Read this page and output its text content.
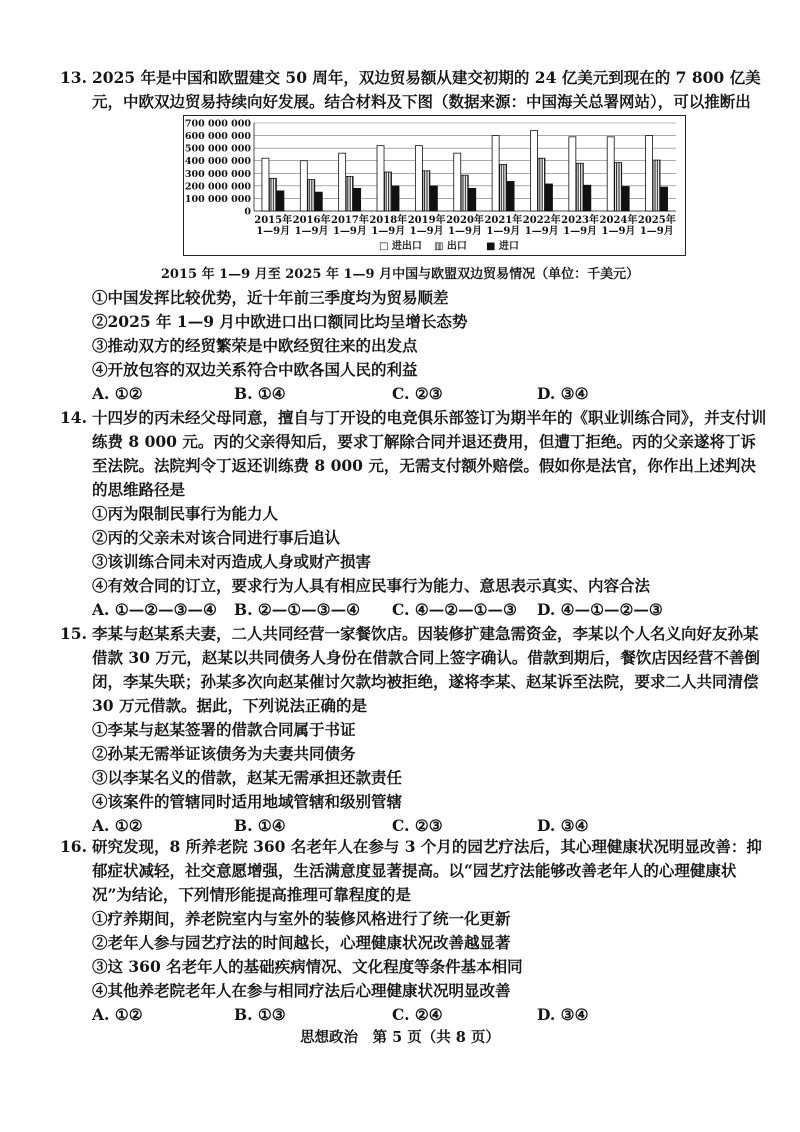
13. 2025 年是中国和欧盟建交 50 周年，双边贸易额从建交初期的 24 亿美元到现在的 7 800 亿美元，中欧双边贸易持续向好发展。结合材料及下图（数据来源：中国海关总署网站），可以推断出
700 000 000
600 000 000
500 000 000
400 000 000
300 000 000
200 000 000
100 000 000
0
2015年
1—9月
2016年
1—9月
2017年
1—9月
2018年
1—9月
2019年
1—9月
2020年
1—9月
2021年
1—9月
2022年
1—9月
2023年
1—9月
2024年
1—9月
2025年
1—9月
□ 进出口 ▥ 出口 ■ 进口
2015 年 1—9 月至 2025 年 1—9 月中国与欧盟双边贸易情况（单位：千美元）

①中国发挥比较优势，近十年前三季度均为贸易顺差

②2025 年 1—9 月中欧进口出口额同比均呈增长态势

③推动双方的经贸繁荣是中欧经贸往来的出发点

④开放包容的双边关系符合中欧各国人民的利益

A. ①②	B. ①④	C. ②③	D. ③④
14. 十四岁的丙未经父母同意，擅自与丁开设的电竞俱乐部签订为期半年的《职业训练合同》，并支付训练费 8 000 元。丙的父亲得知后，要求丁解除合同并退还费用，但遭丁拒绝。丙的父亲遂将丁诉至法院。法院判令丁返还训练费 8 000 元，无需支付额外赔偿。假如你是法官，你作出上述判决的思维路径是

①丙为限制民事行为能力人

②丙的父亲未对该合同进行事后追认

③该训练合同未对丙造成人身或财产损害

④有效合同的订立，要求行为人具有相应民事行为能力、意思表示真实、内容合法

A. ①—②—③—④	B. ②—①—③—④	C. ④—②—①—③	D. ④—①—②—③
15. 李某与赵某系夫妻，二人共同经营一家餐饮店。因装修扩建急需资金，李某以个人名义向好友孙某借款 30 万元，赵某以共同债务人身份在借款合同上签字确认。借款到期后，餐饮店因经营不善倒闭，李某失联；孙某多次向赵某催讨欠款均被拒绝，遂将李某、赵某诉至法院，要求二人共同清偿 30 万元借款。据此，下列说法正确的是

①李某与赵某签署的借款合同属于书证

②孙某无需举证该债务为夫妻共同债务

③以李某名义的借款，赵某无需承担还款责任

④该案件的管辖同时适用地域管辖和级别管辖

A. ①②	B. ①④	C. ②③	D. ③④
16. 研究发现，8 所养老院 360 名老年人在参与 3 个月的园艺疗法后，其心理健康状况明显改善：抑郁症状减轻，社交意愿增强，生活满意度显著提高。以“园艺疗法能够改善老年人的心理健康状况”为结论，下列情形能提高推理可靠程度的是

①疗养期间，养老院室内与室外的装修风格进行了统一化更新

②老年人参与园艺疗法的时间越长，心理健康状况改善越显著

③这 360 名老年人的基础疾病情况、文化程度等条件基本相同

④其他养老院老年人在参与相同疗法后心理健康状况明显改善

A. ①②	B. ①③	C. ②④	D. ③④
思想政治　第 5 页（共 8 页）
